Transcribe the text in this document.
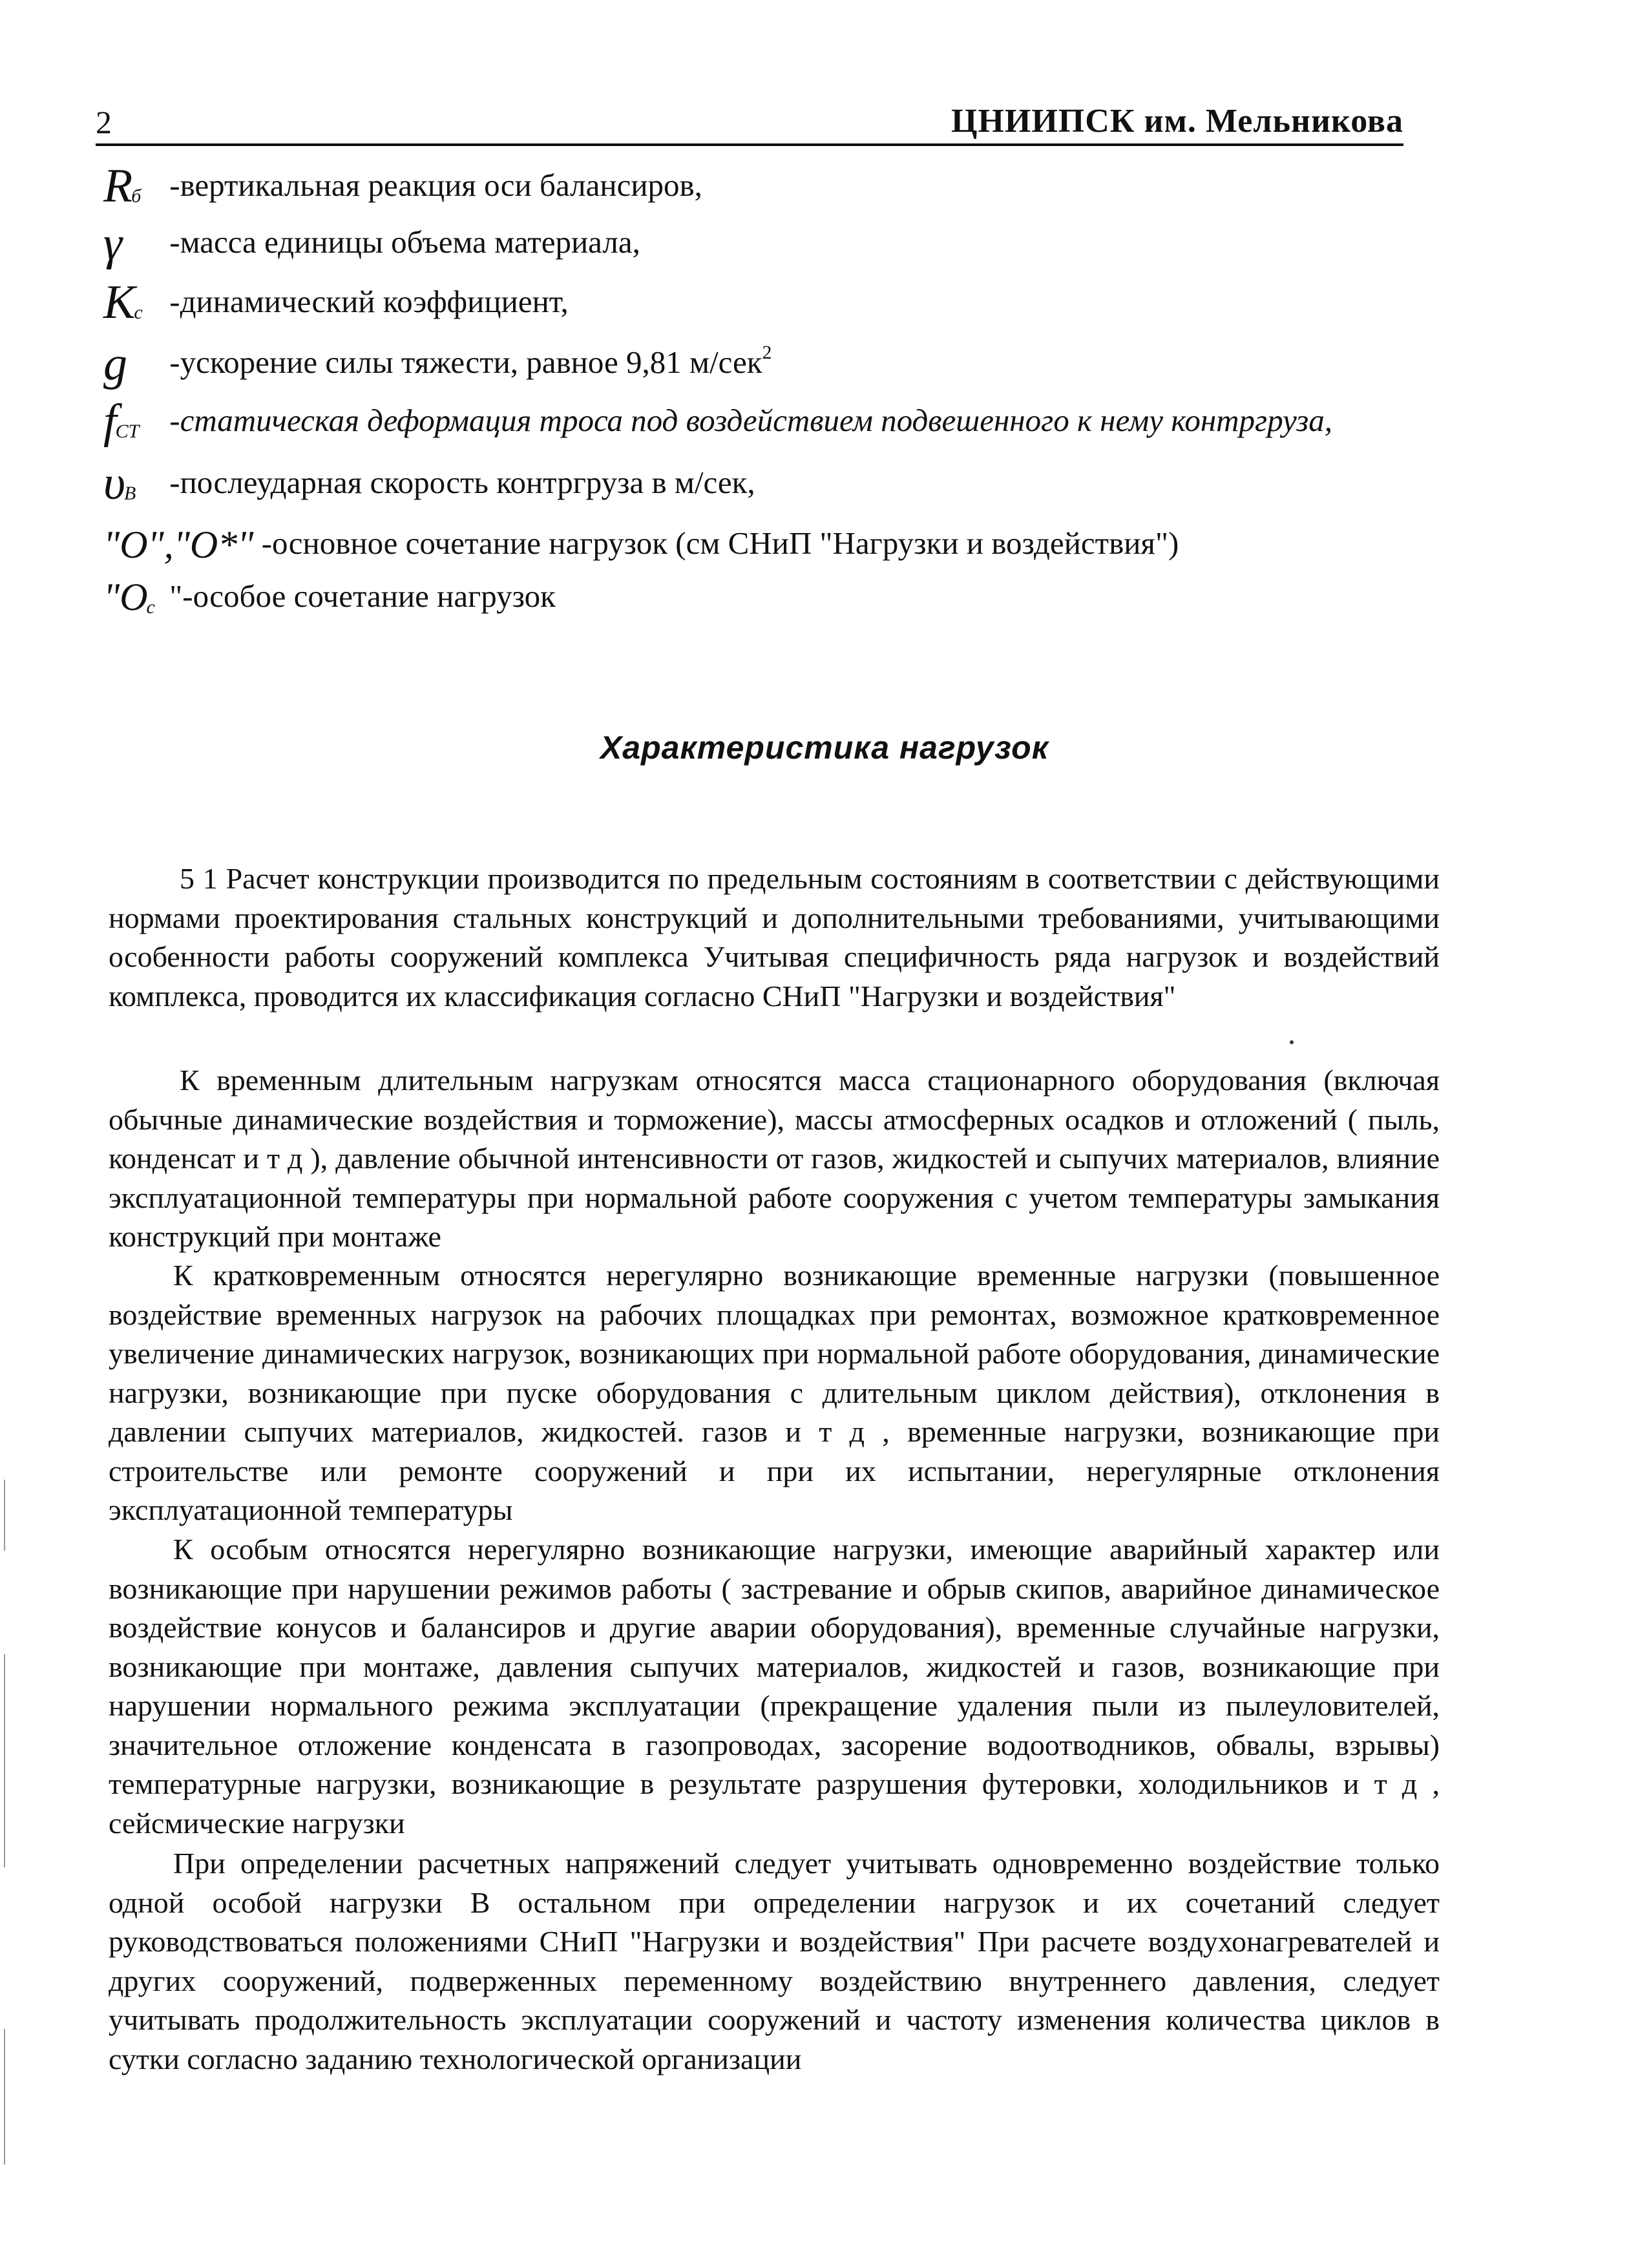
2	ЦНИИПСК им. Мельникова
$R_б$ -вертикальная реакция оси балансиров,
γ -масса единицы объема материала,
$K_c$ -динамический коэффициент,
g -ускорение силы тяжести, равное 9,81 м/сек$^2$
$f_{CT}$ -статическая деформация троса под воздействием подвешенного к нему контргруза,
$\upsilon_B$ -послеударная скорость контргруза в м/сек,
"O","O*" -основное сочетание нагрузок (см СНиП "Нагрузки и воздействия")
"$O_c$ "-особое сочетание нагрузок
Характеристика нагрузок

5 1 Расчет конструкции производится по предельным состояниям в соответствии с действующими нормами проектирования стальных конструкций и дополнительными требованиями, учитывающими особенности работы сооружений комплекса Учитывая специфичность ряда нагрузок и воздействий комплекса, проводится их классификация согласно СНиП "Нагрузки и воздействия"

К временным длительным нагрузкам относятся масса стационарного оборудования (включая обычные динамические воздействия и торможение), массы атмосферных осадков и отложений ( пыль, конденсат и т д ), давление обычной интенсивности от газов, жидкостей и сыпучих материалов, влияние эксплуатационной температуры при нормальной работе сооружения с учетом температуры замыкания конструкций при монтаже

К кратковременным относятся нерегулярно возникающие временные нагрузки (повышенное воздействие временных нагрузок на рабочих площадках при ремонтах, возможное кратковременное увеличение динамических нагрузок, возникающих при нормальной работе оборудования, динамические нагрузки, возникающие при пуске оборудования с длительным циклом действия), отклонения в давлении сыпучих материалов, жидкостей. газов и т д , временные нагрузки, возникающие при строительстве или ремонте сооружений и при их испытании, нерегулярные отклонения эксплуатационной температуры

К особым относятся нерегулярно возникающие нагрузки, имеющие аварийный характер или возникающие при нарушении режимов работы ( застревание и обрыв скипов, аварийное динамическое воздействие конусов и балансиров и другие аварии оборудования), временные случайные нагрузки, возникающие при монтаже, давления сыпучих материалов, жидкостей и газов, возникающие при нарушении нормального режима эксплуатации (прекращение удаления пыли из пылеуловителей, значительное отложение конденсата в газопроводах, засорение водоотводников, обвалы, взрывы) температурные нагрузки, возникающие в результате разрушения футеровки, холодильников и т д , сейсмические нагрузки

При определении расчетных напряжений следует учитывать одновременно воздействие только одной особой нагрузки В остальном при определении нагрузок и их сочетаний следует руководствоваться положениями СНиП "Нагрузки и воздействия" При расчете воздухонагревателей и других сооружений, подверженных переменному воздействию внутреннего давления, следует учитывать продолжительность эксплуатации сооружений и частоту изменения количества циклов в сутки согласно заданию технологической организации
